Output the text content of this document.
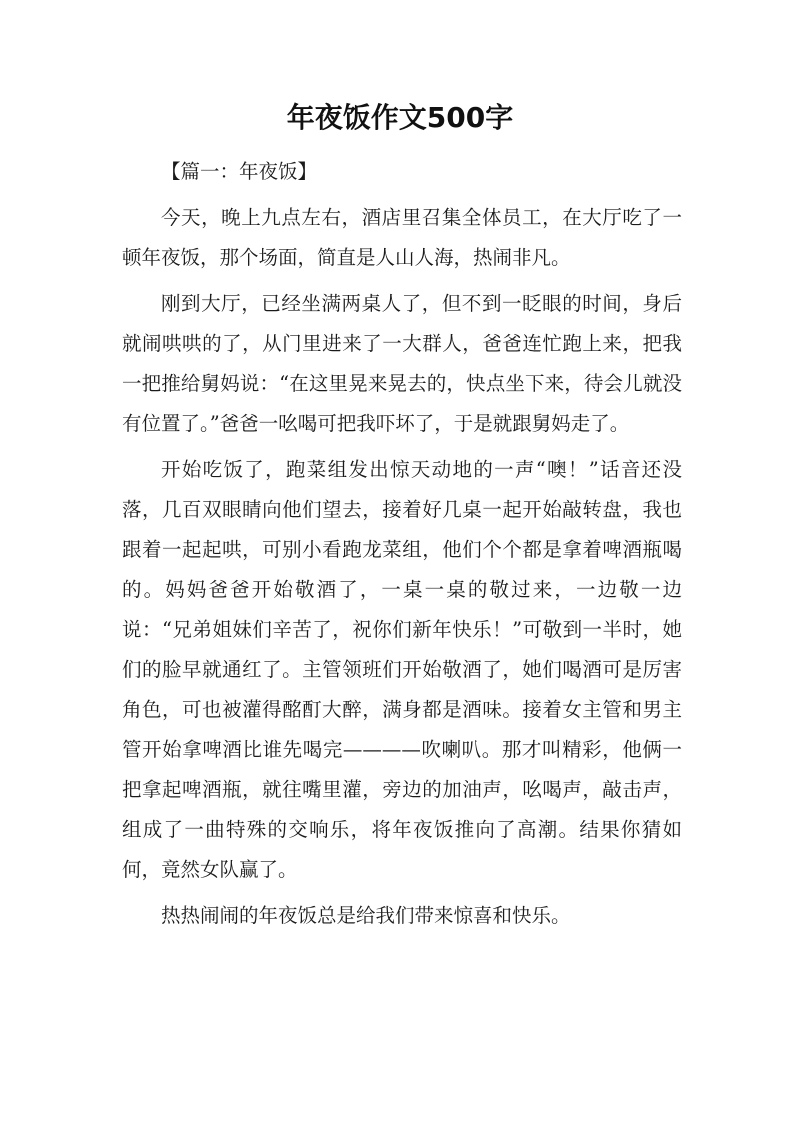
年夜饭作文500字

【篇一：年夜饭】

今天，晚上九点左右，酒店里召集全体员工，在大厅吃了一顿年夜饭，那个场面，简直是人山人海，热闹非凡。

刚到大厅，已经坐满两桌人了，但不到一眨眼的时间，身后就闹哄哄的了，从门里进来了一大群人，爸爸连忙跑上来，把我一把推给舅妈说：“在这里晃来晃去的，快点坐下来，待会儿就没有位置了。”爸爸一吆喝可把我吓坏了，于是就跟舅妈走了。

开始吃饭了，跑菜组发出惊天动地的一声“噢！”话音还没落，几百双眼睛向他们望去，接着好几桌一起开始敲转盘，我也跟着一起起哄，可别小看跑龙菜组，他们个个都是拿着啤酒瓶喝的。妈妈爸爸开始敬酒了，一桌一桌的敬过来，一边敬一边说：“兄弟姐妹们辛苦了，祝你们新年快乐！”可敬到一半时，她们的脸早就通红了。主管领班们开始敬酒了，她们喝酒可是厉害角色，可也被灌得酩酊大醉，满身都是酒味。接着女主管和男主管开始拿啤酒比谁先喝完————吹喇叭。那才叫精彩，他俩一把拿起啤酒瓶，就往嘴里灌，旁边的加油声，吆喝声，敲击声，组成了一曲特殊的交响乐，将年夜饭推向了高潮。结果你猜如何，竟然女队赢了。

热热闹闹的年夜饭总是给我们带来惊喜和快乐。
